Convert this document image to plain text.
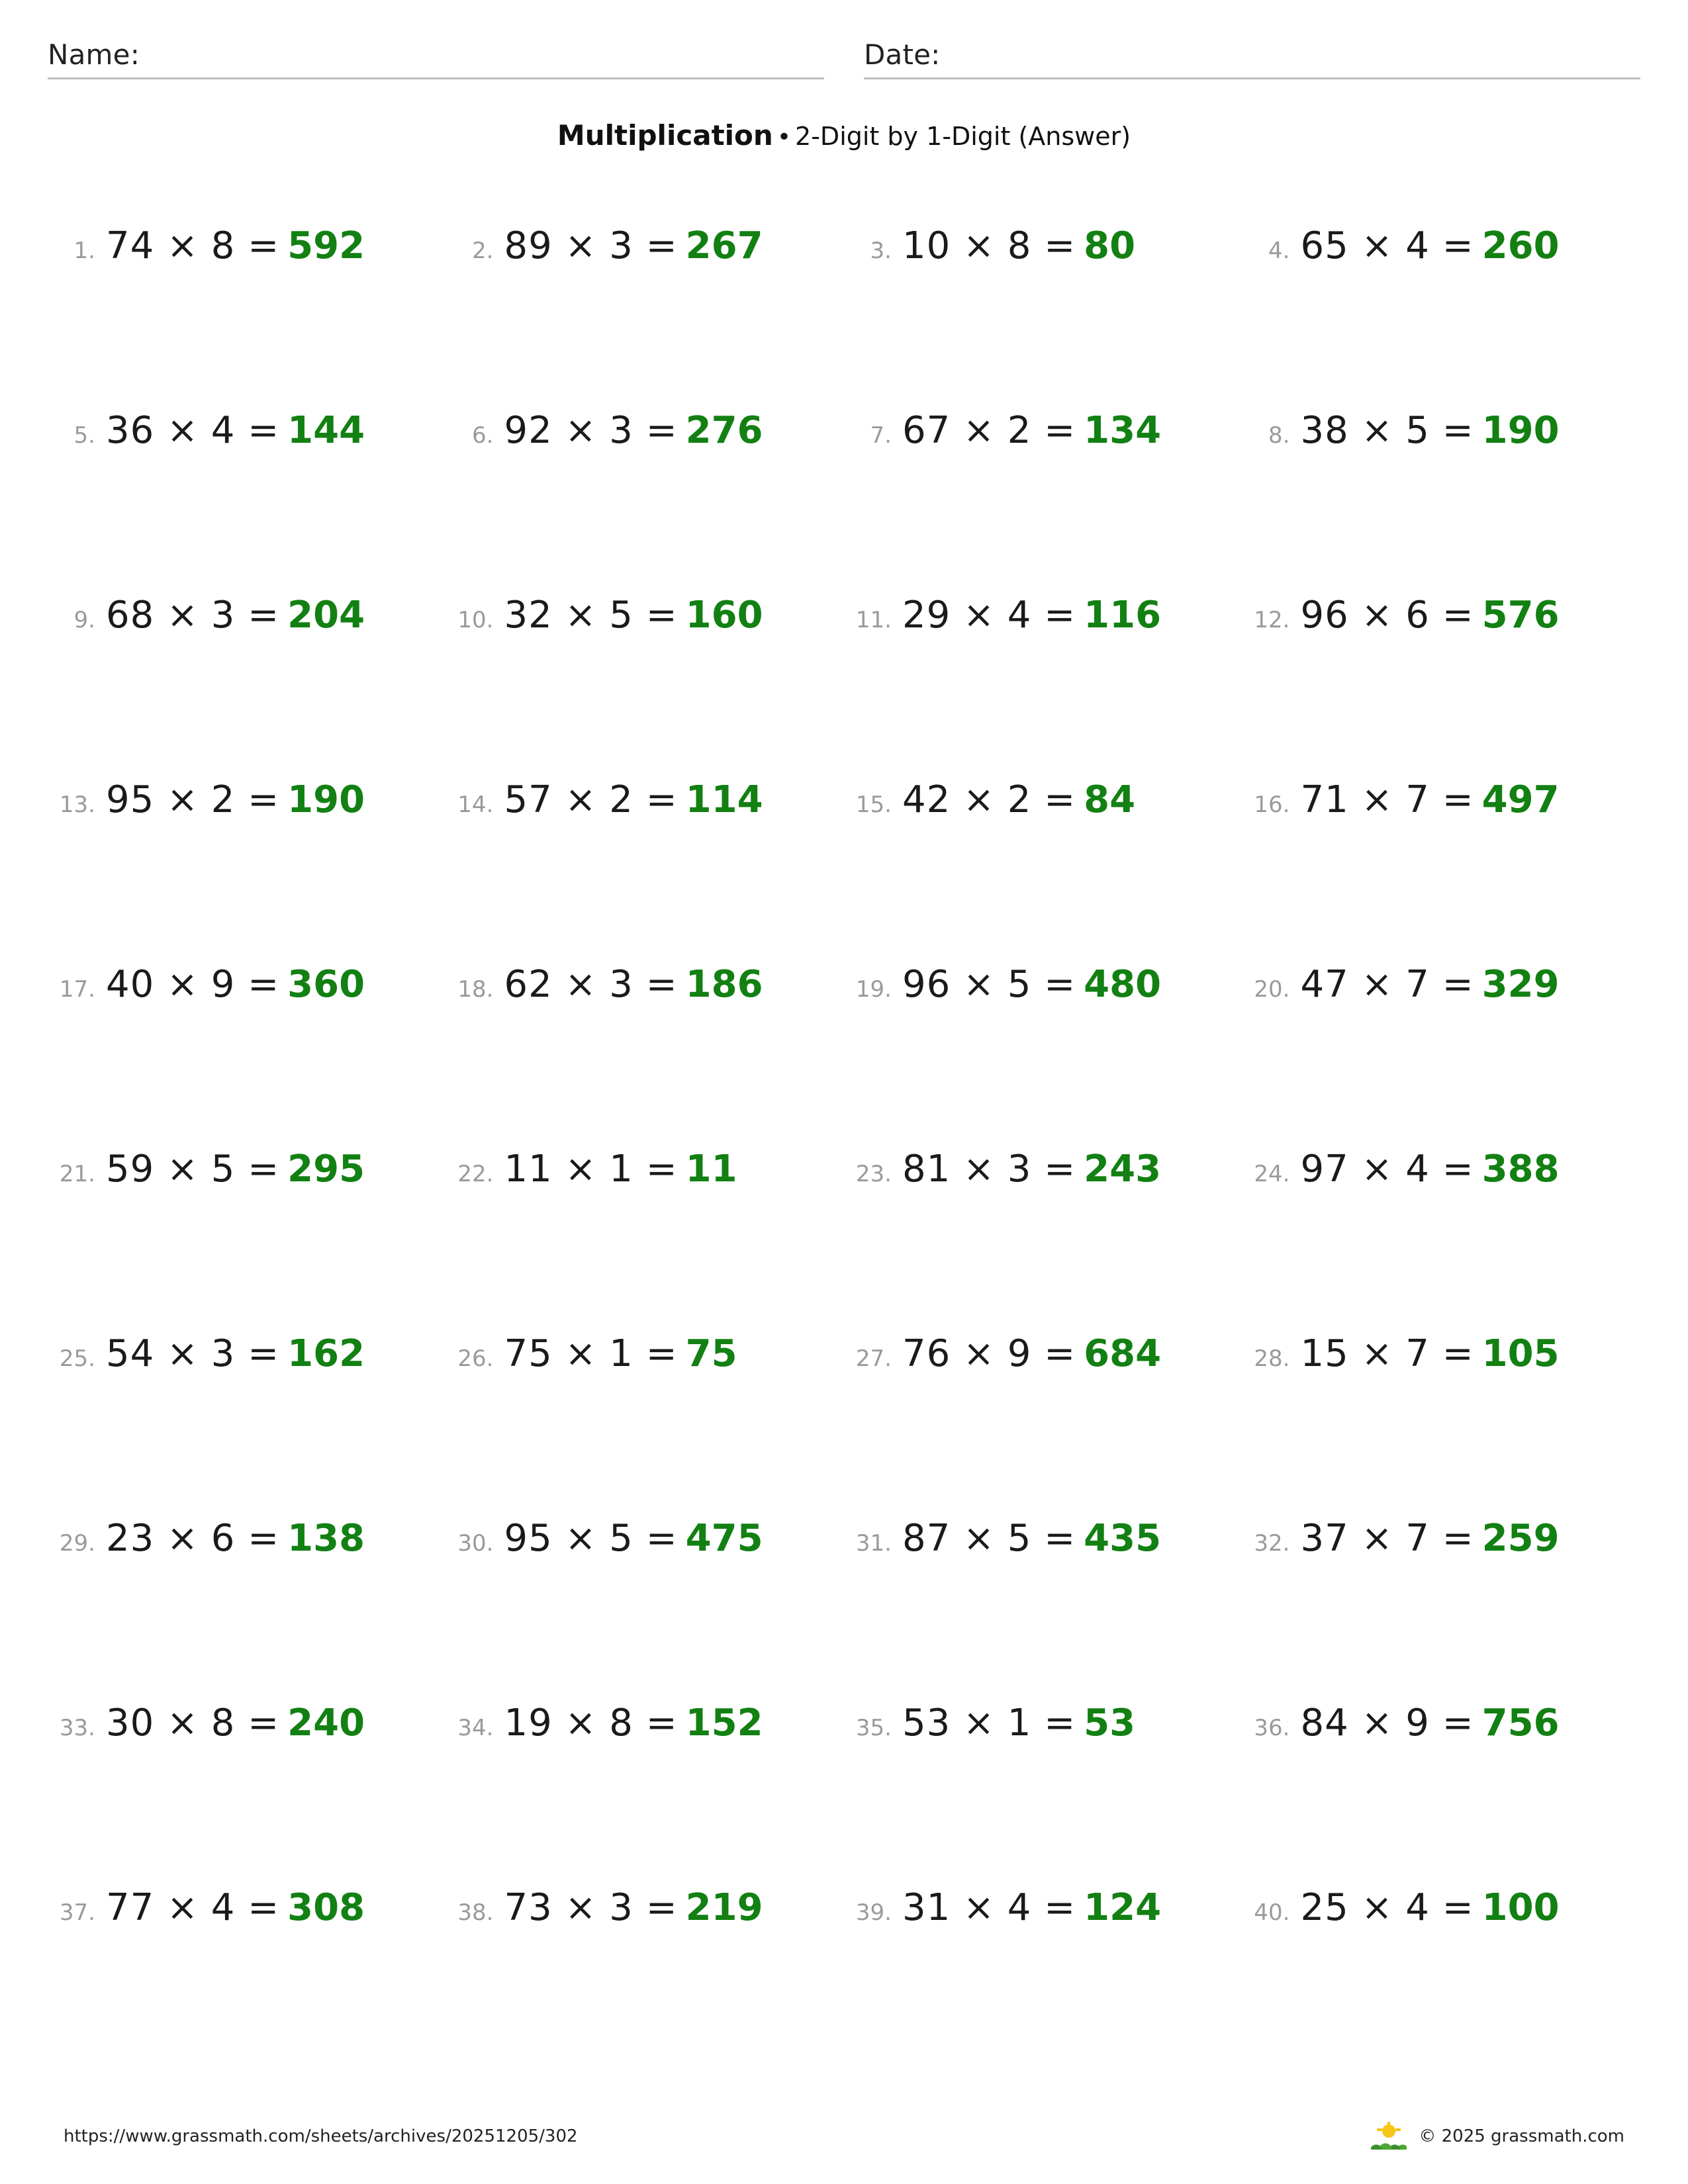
Name:	Date:
Multiplication • 2-Digit by 1-Digit (Answer)
1. 74 × 8 = 592	2. 89 × 3 = 267	3. 10 × 8 = 80	4. 65 × 4 = 260
5. 36 × 4 = 144	6. 92 × 3 = 276	7. 67 × 2 = 134	8. 38 × 5 = 190
9. 68 × 3 = 204	10. 32 × 5 = 160	11. 29 × 4 = 116	12. 96 × 6 = 576
13. 95 × 2 = 190	14. 57 × 2 = 114	15. 42 × 2 = 84	16. 71 × 7 = 497
17. 40 × 9 = 360	18. 62 × 3 = 186	19. 96 × 5 = 480	20. 47 × 7 = 329
21. 59 × 5 = 295	22. 11 × 1 = 11	23. 81 × 3 = 243	24. 97 × 4 = 388
25. 54 × 3 = 162	26. 75 × 1 = 75	27. 76 × 9 = 684	28. 15 × 7 = 105
29. 23 × 6 = 138	30. 95 × 5 = 475	31. 87 × 5 = 435	32. 37 × 7 = 259
33. 30 × 8 = 240	34. 19 × 8 = 152	35. 53 × 1 = 53	36. 84 × 9 = 756
37. 77 × 4 = 308	38. 73 × 3 = 219	39. 31 × 4 = 124	40. 25 × 4 = 100
https://www.grassmath.com/sheets/archives/20251205/302	© 2025 grassmath.com
